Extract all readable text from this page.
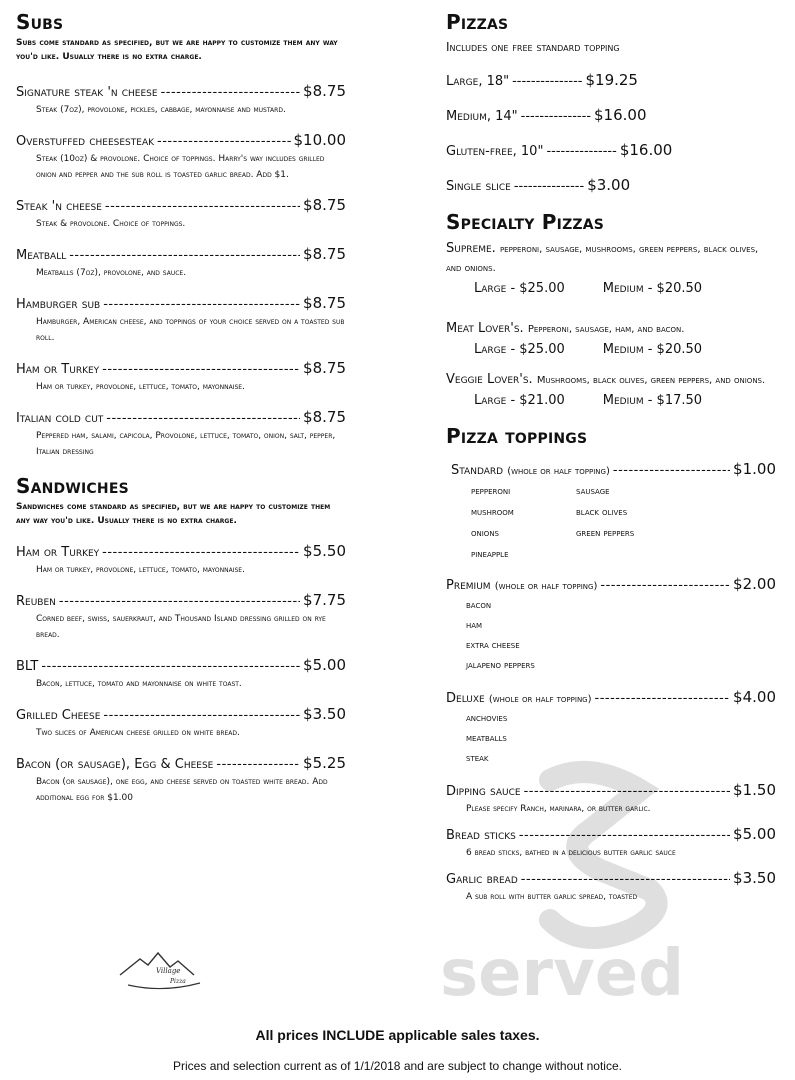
Subs
Subs come standard as specified, but we are happy to customize them any way you'd like. Usually there is no extra charge.
Signature steak 'n cheese -----	$8.75
Steak (7oz), provolone, pickles, cabbage, mayonnaise and mustard.
Overstuffed cheesesteak -----	$10.00
Steak (10oz) & provolone. Choice of toppings. Harry's way includes grilled onion and pepper and the sub roll is toasted garlic bread. Add $1.
Steak 'n cheese -----	$8.75
Steak & provolone. Choice of toppings.
Meatball -----	$8.75
Meatballs (7oz), provolone, and sauce.
Hamburger sub -----	$8.75
Hamburger, American cheese, and toppings of your choice served on a toasted sub roll.
Ham or Turkey -----	$8.75
Ham or turkey, provolone, lettuce, tomato, mayonnaise.
Italian cold cut -----	$8.75
Peppered ham, salami, capicola, Provolone, lettuce, tomato, onion, salt, pepper, Italian dressing
Sandwiches
Sandwiches come standard as specified, but we are happy to customize them any way you'd like. Usually there is no extra charge.
Ham or Turkey -----	$5.50
Ham or turkey, provolone, lettuce, tomato, mayonnaise.
Reuben -----	$7.75
Corned beef, swiss, sauerkraut, and Thousand Island dressing grilled on rye bread.
BLT -----	$5.00
Bacon, lettuce, tomato and mayonnaise on white toast.
Grilled Cheese -----	$3.50
Two slices of American cheese grilled on white bread.
Bacon (or sausage), Egg & Cheese -----	$5.25
Bacon (or sausage), one egg, and cheese served on toasted white bread. Add additional egg for $1.00
Village
Pizza
Pizzas
Includes one free standard topping
Large, 18" -----	$19.25
Medium, 14" -----	$16.00
Gluten-free, 10" -----	$16.00
Single slice -----	$3.00
Specialty Pizzas
Supreme. pepperoni, sausage, mushrooms, green peppers, black olives, and onions.
Large - $25.00	Medium - $20.50
Meat Lover's. Pepperoni, sausage, ham, and bacon.
Large - $25.00	Medium - $20.50
Veggie Lover's. Mushrooms, black olives, green peppers, and onions.
Large - $21.00	Medium - $17.50
Pizza toppings
Standard (whole or half topping) -----	$1.00
pepperoni	sausage
mushroom	black olives
onions	green peppers
pineapple
Premium (whole or half topping) -----	$2.00
bacon
ham
extra cheese
jalapeno peppers
Deluxe (whole or half topping) -----	$4.00
anchovies
meatballs
steak
Dipping sauce -----	$1.50
Please specify Ranch, marinara, or butter garlic.
Bread sticks -----	$5.00
6 bread sticks, bathed in a delicious butter garlic sauce
Garlic bread -----	$3.50
A sub roll with butter garlic spread, toasted
served
All prices INCLUDE applicable sales taxes.
Prices and selection current as of 1/1/2018 and are subject to change without notice.
